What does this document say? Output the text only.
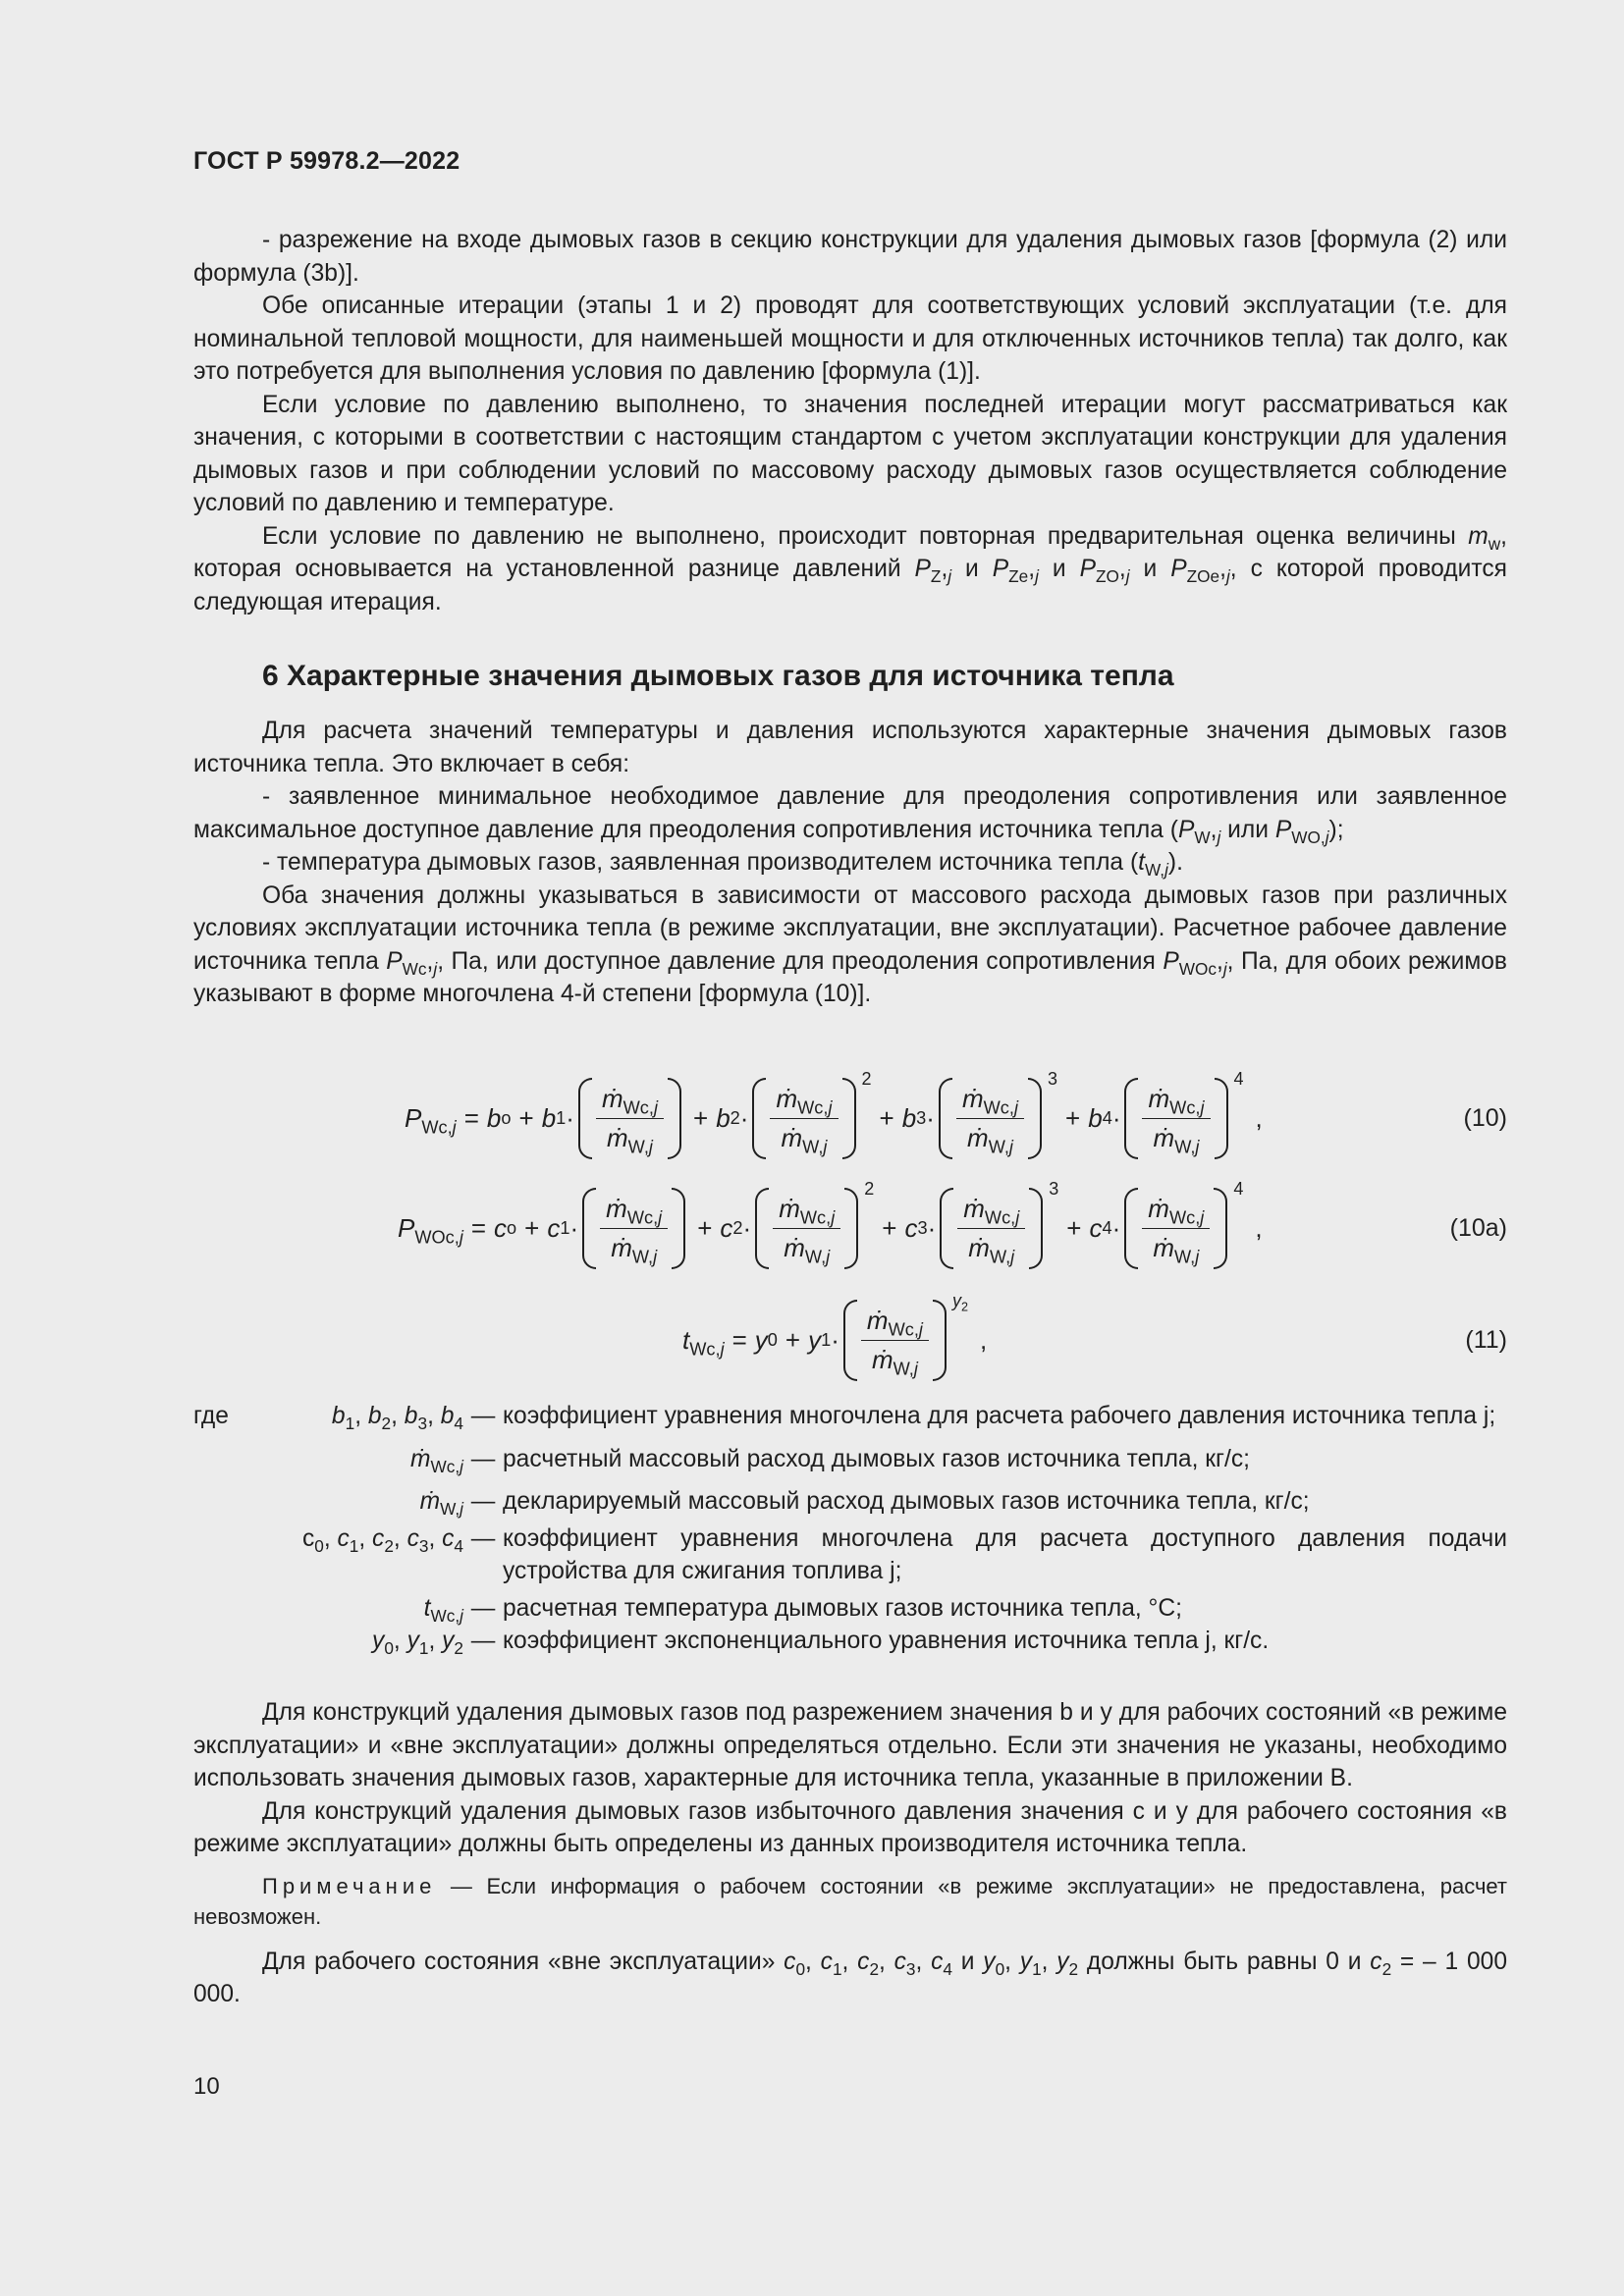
ГОСТ Р 59978.2—2022

- разрежение на входе дымовых газов в секцию конструкции для удаления дымовых газов [формула (2) или формула (3b)].

Обе описанные итерации (этапы 1 и 2) проводят для соответствующих условий эксплуатации (т.е. для номинальной тепловой мощности, для наименьшей мощности и для отключенных источников тепла) так долго, как это потребуется для выполнения условия по давлению [формула (1)].

Если условие по давлению выполнено, то значения последней итерации могут рассматриваться как значения, с которыми в соответствии с настоящим стандартом с учетом эксплуатации конструкции для удаления дымовых газов и при соблюдении условий по массовому расходу дымовых газов осуществляется соблюдение условий по давлению и температуре.

Если условие по давлению не выполнено, происходит повторная предварительная оценка величины $m_w$, которая основывается на установленной разнице давлений $P_Z,_j$ и $P_{Ze},_j$ и $P_{ZO},_j$ и $P_{ZOe},_j$, с которой проводится следующая итерация.

6 Характерные значения дымовых газов для источника тепла

Для расчета значений температуры и давления используются характерные значения дымовых газов источника тепла. Это включает в себя:

- заявленное минимальное необходимое давление для преодоления сопротивления или заявленное максимальное доступное давление для преодоления сопротивления источника тепла ($P_W,_j$ или $P_{WO,j}$);

- температура дымовых газов, заявленная производителем источника тепла $(t_{W,j})$.

Оба значения должны указываться в зависимости от массового расхода дымовых газов при различных условиях эксплуатации источника тепла (в режиме эксплуатации, вне эксплуатации). Расчетное рабочее давление источника тепла $P_{Wc},_j$, Па, или доступное давление для преодоления сопротивления $P_{WOc},_j$, Па, для обоих режимов указывают в форме многочлена 4-й степени [формула (10)].

$P_{Wc,j} = b$ o + b $1 \cdot \frac{ṁ_{Wc,j}}{ṁ_{W,j}} + b$ $2 \cdot \frac{ṁ_{Wc,j}}{ṁ_{W,j}}$
2
+ b $3 \cdot \frac{ṁ_{Wc,j}}{ṁ_{W,j}}$
3
+ b $4 \cdot \frac{ṁ_{Wc,j}}{ṁ_{W,j}}$
4
,	(10)
$P_{WOc,j} = c$ o + c $1 \cdot \frac{ṁ_{Wc,j}}{ṁ_{W,j}} + c$ $2 \cdot \frac{ṁ_{Wc,j}}{ṁ_{W,j}}$
2
+ c $3 \cdot \frac{ṁ_{Wc,j}}{ṁ_{W,j}}$
3
+ c $4 \cdot \frac{ṁ_{Wc,j}}{ṁ_{W,j}}$
4
,	(10a)
$t_{Wc,j} = y$ 0 + y $1 \cdot \frac{ṁ_{Wc,j}}{ṁ_{W,j}}$
$y_2$
,	(11)
где	$b_1$, $b_2$, $b_3$, $b_4$ — коэффициент уравнения многочлена для расчета рабочего давления источника тепла j;
ṁ$_{Wc,j}$ — расчетный массовый расход дымовых газов источника тепла, кг/с;
ṁ$_{W,j}$ — декларируемый массовый расход дымовых газов источника тепла, кг/с;
$c_0$, $c_1$, $c_2$, $c_3$, $c_4$ — коэффициент уравнения многочлена для расчета доступного давления подачи устройства для сжигания топлива j;
$t_{Wc,j}$ — расчетная температура дымовых газов источника тепла, °С;
$y_0$, $y_1$, $y_2$ — коэффициент экспоненциального уравнения источника тепла j, кг/с.

Для конструкций удаления дымовых газов под разрежением значения b и y для рабочих состояний «в режиме эксплуатации» и «вне эксплуатации» должны определяться отдельно. Если эти значения не указаны, необходимо использовать значения дымовых газов, характерные для источника тепла, указанные в приложении В.

Для конструкций удаления дымовых газов избыточного давления значения с и у для рабочего состояния «в режиме эксплуатации» должны быть определены из данных производителя источника тепла.

Примечание — Если информация о рабочем состоянии «в режиме эксплуатации» не предоставлена, расчет невозможен.

Для рабочего состояния «вне эксплуатации» $c_0$, $c_1$, $c_2$, $c_3$, $c_4$ и $y_0$, $y_1$, $y_2$ должны быть равны 0 и $c_2$ = – 1 000 000.

10
